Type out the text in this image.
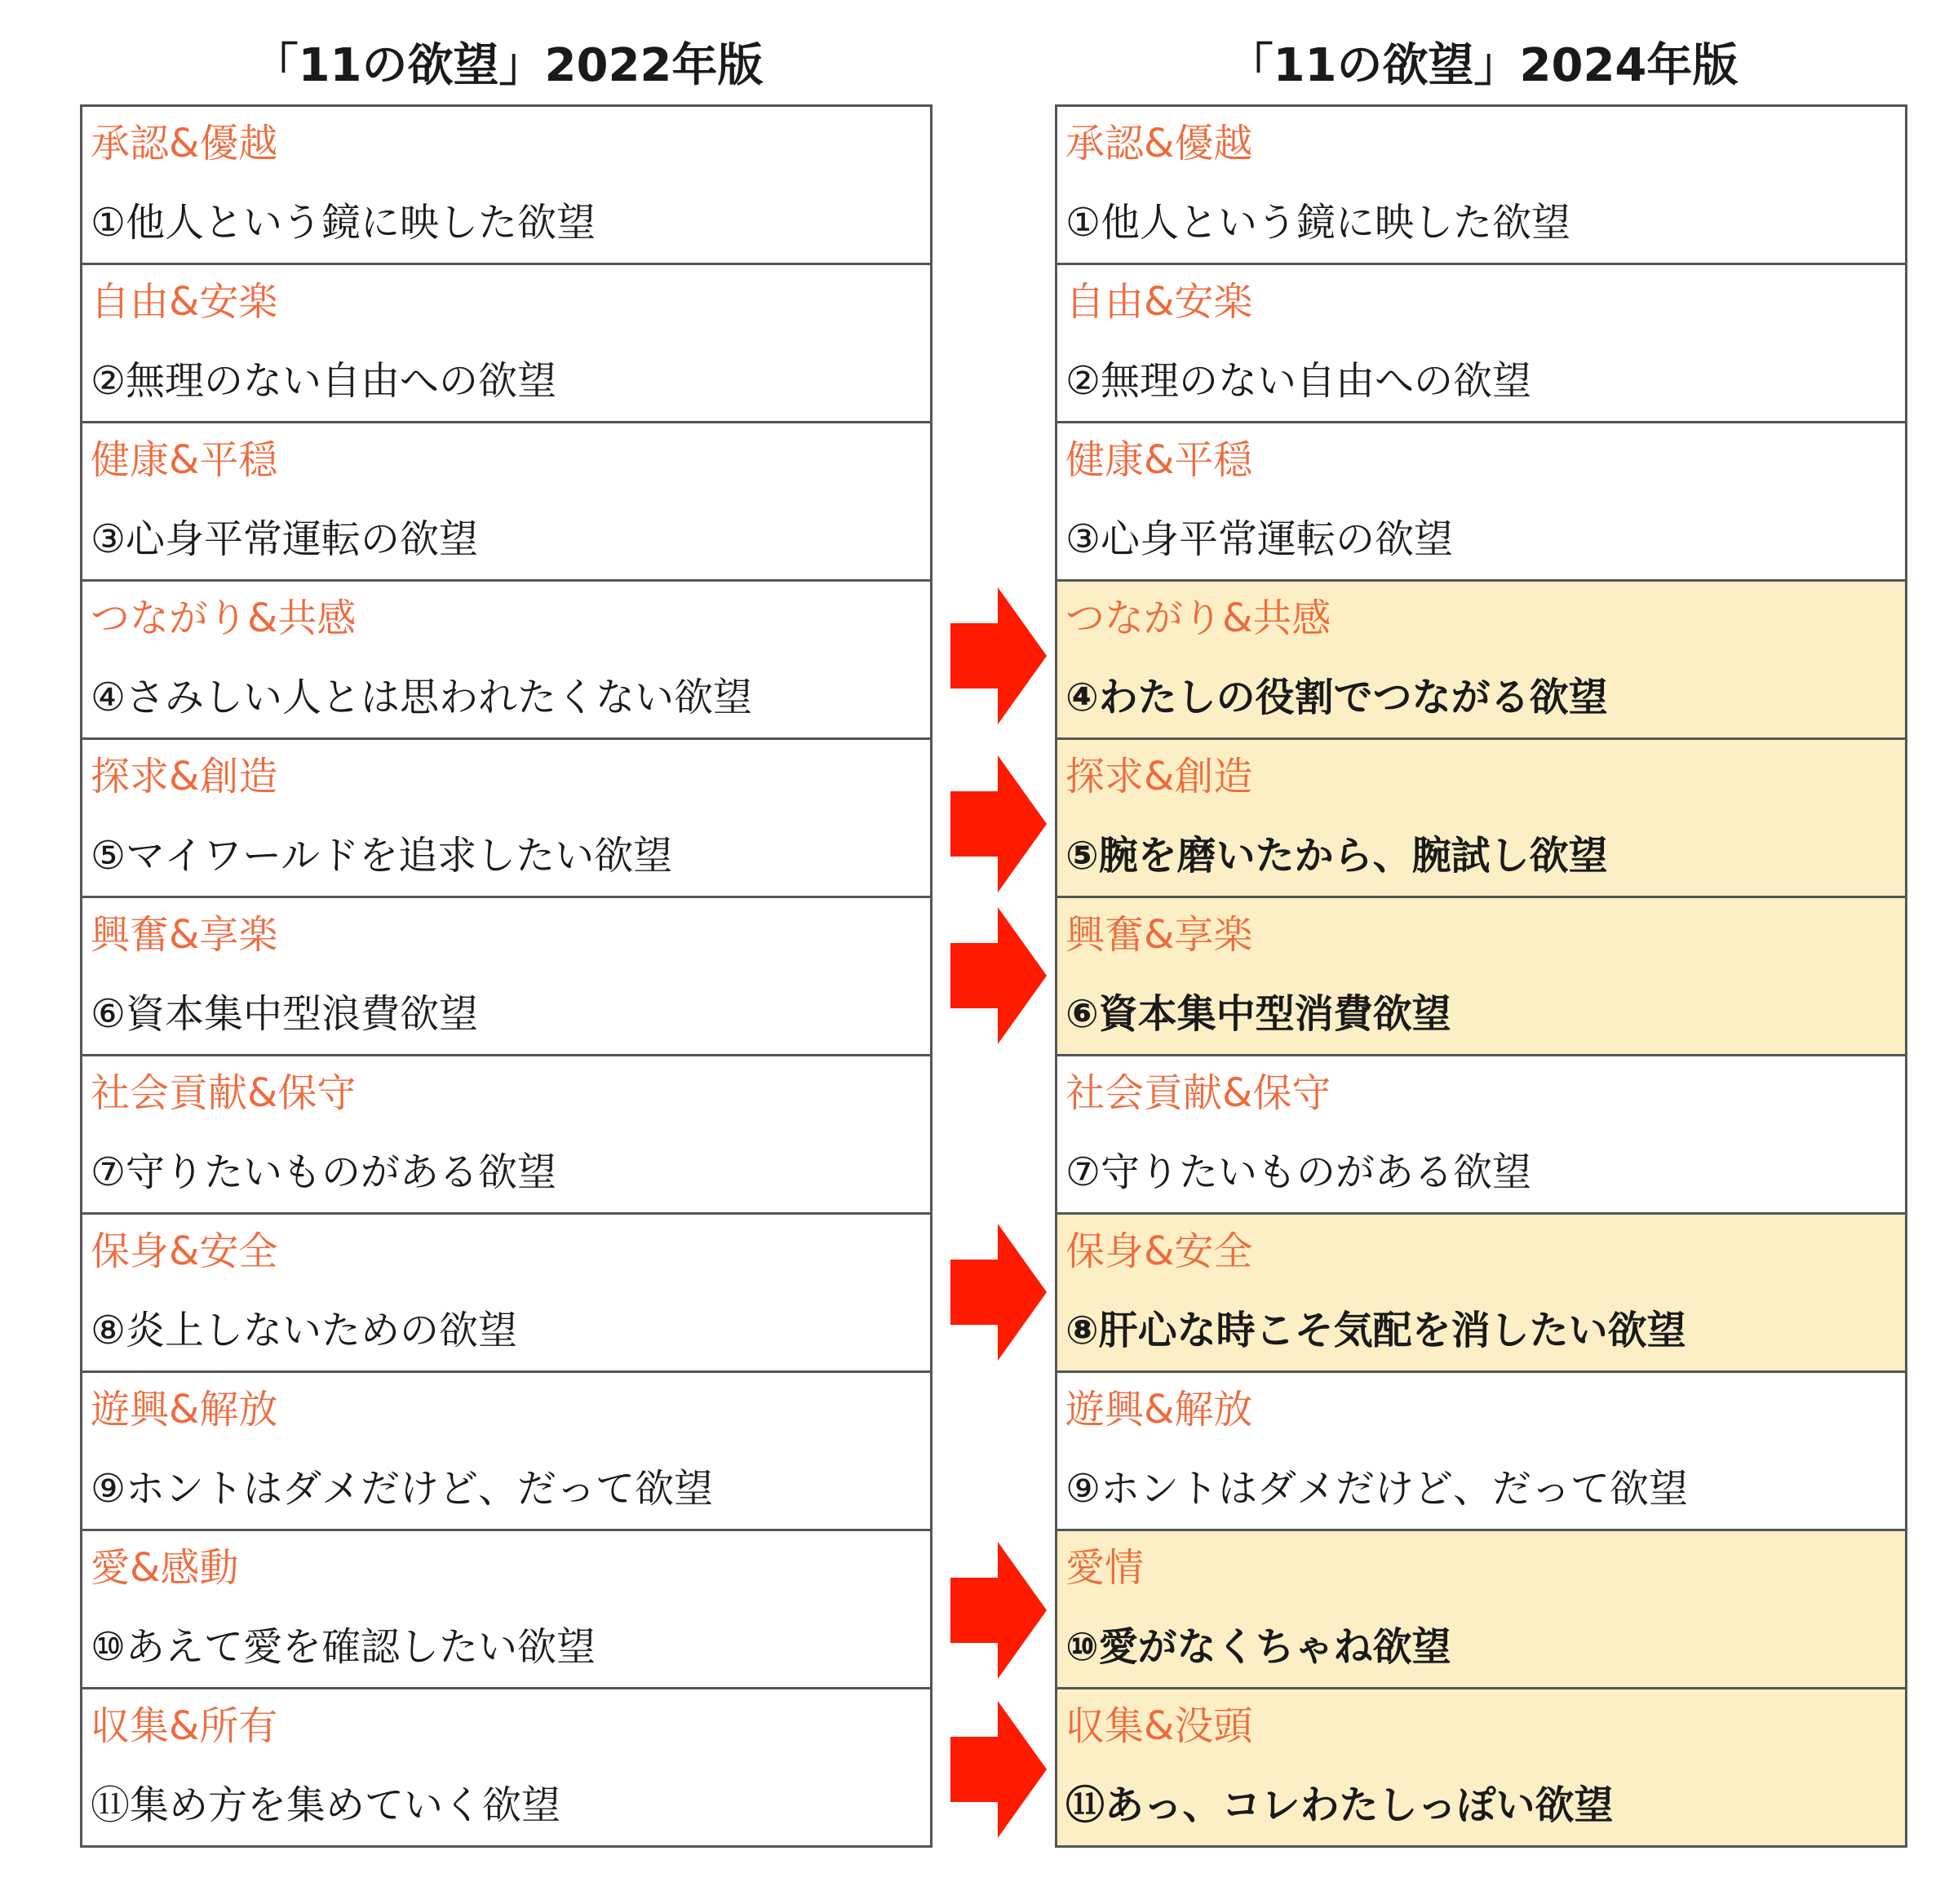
「11の欲望」2022年版	「11の欲望」2024年版
承認&優越
①他人という鏡に映した欲望
自由&安楽
②無理のない自由への欲望
健康&平穏
③心身平常運転の欲望
つながり&共感
④さみしい人とは思われたくない欲望
探求&創造
⑤マイワールドを追求したい欲望
興奮&享楽
⑥資本集中型浪費欲望
社会貢献&保守
⑦守りたいものがある欲望
保身&安全
⑧炎上しないための欲望
遊興&解放
⑨ホントはダメだけど、だって欲望
愛&感動
⑩あえて愛を確認したい欲望
収集&所有
⑪集め方を集めていく欲望
承認&優越
①他人という鏡に映した欲望
自由&安楽
②無理のない自由への欲望
健康&平穏
③心身平常運転の欲望
つながり&共感
④わたしの役割でつながる欲望
探求&創造
⑤腕を磨いたから、腕試し欲望
興奮&享楽
⑥資本集中型消費欲望
社会貢献&保守
⑦守りたいものがある欲望
保身&安全
⑧肝心な時こそ気配を消したい欲望
遊興&解放
⑨ホントはダメだけど、だって欲望
愛情
⑩愛がなくちゃね欲望
収集&没頭
⑪あっ、コレわたしっぽい欲望
